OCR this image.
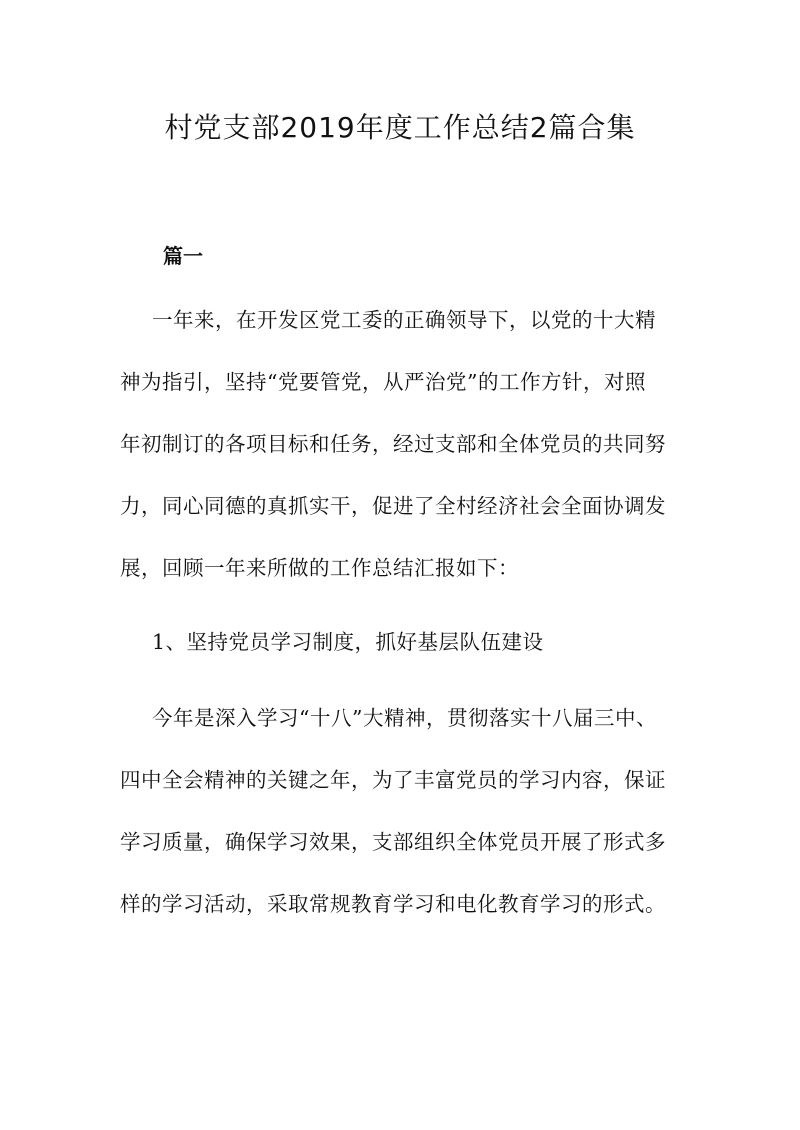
村党支部2019年度工作总结2篇合集
篇一

一年来，在开发区党工委的正确领导下，以党的十大精

神为指引，坚持“党要管党，从严治党”的工作方针，对照

年初制订的各项目标和任务，经过支部和全体党员的共同努

力，同心同德的真抓实干，促进了全村经济社会全面协调发

展，回顾一年来所做的工作总结汇报如下：

1、坚持党员学习制度，抓好基层队伍建设

今年是深入学习“十八”大精神，贯彻落实十八届三中、

四中全会精神的关键之年，为了丰富党员的学习内容，保证

学习质量，确保学习效果，支部组织全体党员开展了形式多

样的学习活动，采取常规教育学习和电化教育学习的形式。
